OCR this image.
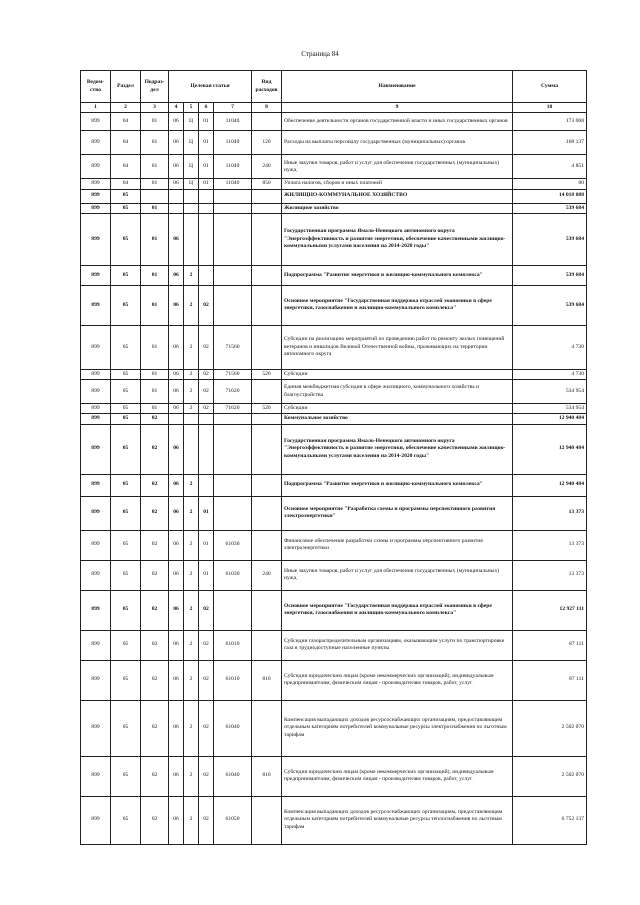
Страница 84
Ведом-ство	Раздел	Подраз-дел	Целевая статья				Вид расходов	Наименование	Сумма
1	2	3	4	5	6	7	8	9	10
899	04	01	06	Ц	01	11040		Обеспечение деятельности органов государственной власти и иных государственных органов	173 068
899	04	01	06	Ц	01	11040	120	Расходы на выплаты персоналу государственных (муниципальных) органов	168 137
899	04	01	06	Ц	01	11040	240	Иные закупки товаров, работ и услуг для обеспечения государственных (муниципальных) нужд	4 851
899	04	01	06	Ц	01	11040	850	Уплата налогов, сборов и иных платежей	80
899	05							ЖИЛИЩНО-КОММУНАЛЬНОЕ ХОЗЯЙСТВО	14 018 088
899	05	01						Жилищное хозяйство	539 684
899	05	01	06					Государственная программа Ямало-Ненецкого автономного округа "Энергоэффективность и развитие энергетики, обеспечение качественными жилищно-коммунальными услугами населения на 2014-2020 годы"	539 684
899	05	01	06	2				Подпрограмма "Развитие энергетики и жилищно-коммунального комплекса"	539 684
899	05	01	06	2	02			Основное мероприятие "Государственная поддержка отраслей экономики в сфере энергетики, газоснабжения и жилищно-коммунального комплекса"	539 684
899	05	01	06	2	02	71560		Субсидии на реализацию мероприятий по проведению работ по ремонту жилых помещений ветеранов и инвалидов Великой Отечественной войны, проживающих на территории автономного округа	4 730
899	05	01	06	2	02	71560	520	Субсидии	4 730
899	05	01	06	2	02	71620		Единая межбюджетная субсидия в сфере жилищного, коммунального хозяйства и благоустройства	534 954
899	05	01	06	2	02	71620	520	Субсидии	534 954
899	05	02						Коммунальное хозяйство	12 940 484
899	05	02	06					Государственная программа Ямало-Ненецкого автономного округа "Энергоэффективность и развитие энергетики, обеспечение качественными жилищно-коммунальными услугами населения на 2014-2020 годы"	12 940 484
899	05	02	06	2				Подпрограмма "Развитие энергетики и жилищно-коммунального комплекса"	12 940 484
899	05	02	06	2	01			Основное мероприятие "Разработка схемы и программы перспективного развития электроэнергетики"	13 373
899	05	02	06	2	01	61030		Финансовое обеспечение разработки схемы и программы перспективного развития электроэнергетики	13 373
899	05	02	06	2	01	61030	240	Иные закупки товаров, работ и услуг для обеспечения государственных (муниципальных) нужд	13 373
899	05	02	06	2	02			Основное мероприятие "Государственная поддержка отраслей экономики в сфере энергетики, газоснабжения и жилищно-коммунального комплекса"	12 927 111
899	05	02	06	2	02	61010		Субсидии газораспределительным организациям, оказывающим услуги по транспортировке газа в труднодоступные населенные пункты	87 111
899	05	02	06	2	02	61010	810	Субсидии юридическим лицам (кроме некоммерческих организаций), индивидуальным предпринимателям, физическим лицам - производителям товаров, работ, услуг	87 111
899	05	02	06	2	02	61040		Компенсация выпадающих доходов ресурсоснабжающих организациям, предоставляющим отдельным категориям потребителей коммунальные ресурсы электроснабжения по льготным тарифам	2 502 070
899	05	02	06	2	02	61040	810	Субсидии юридическим лицам (кроме некоммерческих организаций), индивидуальным предпринимателям, физическим лицам - производителям товаров, работ, услуг	2 502 070
899	05	02	06	2	02	61050		Компенсация выпадающих доходов ресурсоснабжающих организациям, предоставляющим отдельным категориям потребителей коммунальные ресурсы теплоснабжения по льготным тарифам	6 752 137
